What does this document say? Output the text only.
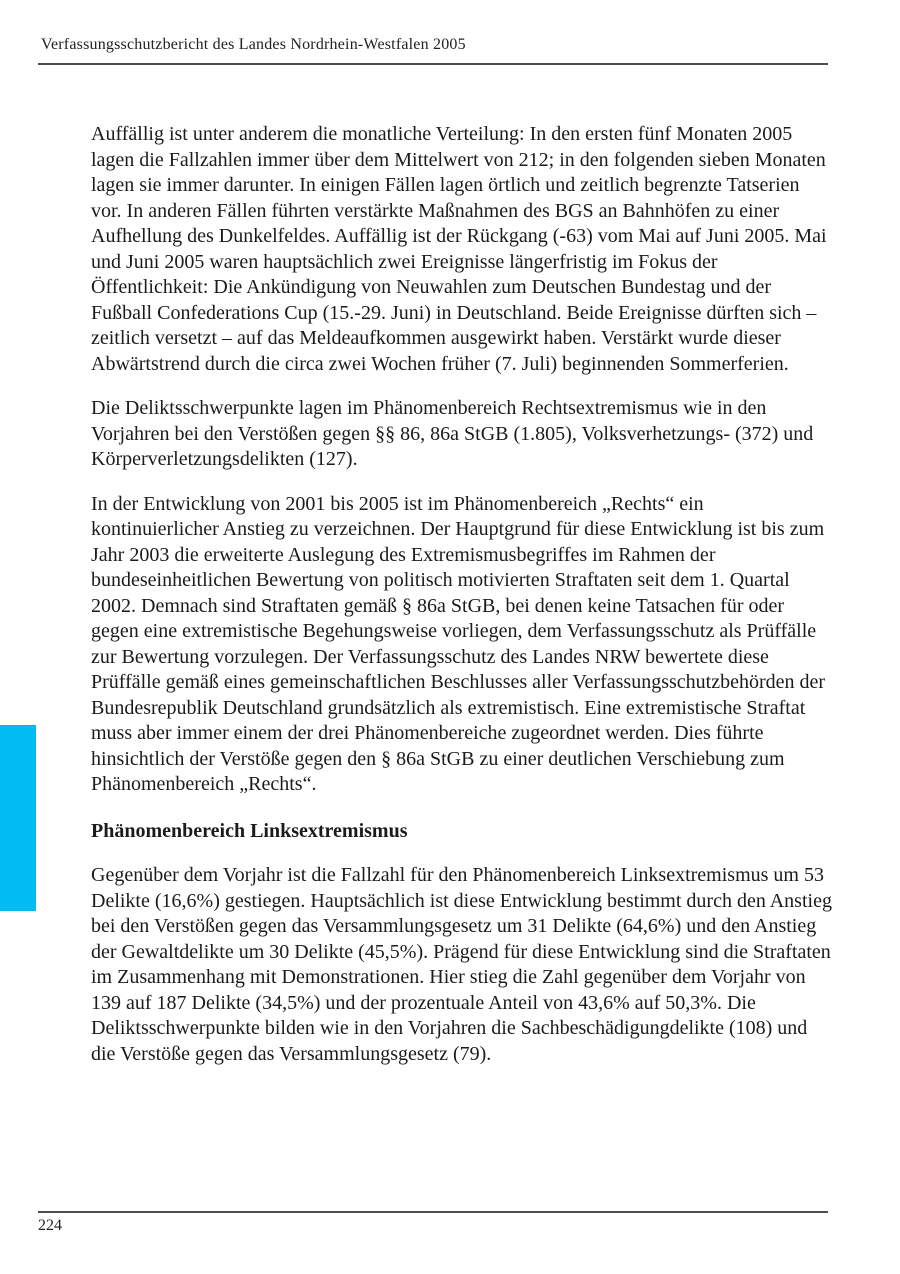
Verfassungsschutzbericht des Landes Nordrhein-Westfalen 2005

Auffällig ist unter anderem die monatliche Verteilung: In den ersten fünf Monaten 2005 lagen die Fallzahlen immer über dem Mittelwert von 212; in den folgenden sieben Monaten lagen sie immer darunter. In einigen Fällen lagen örtlich und zeitlich begrenzte Tatserien vor. In anderen Fällen führten verstärkte Maßnahmen des BGS an Bahnhöfen zu einer Aufhellung des Dunkelfeldes. Auffällig ist der Rückgang (-63) vom Mai auf Juni 2005. Mai und Juni 2005 waren hauptsächlich zwei Ereignisse längerfristig im Fokus der Öffentlichkeit: Die Ankündigung von Neuwahlen zum Deutschen Bundestag und der Fußball Confederations Cup (15.-29. Juni) in Deutschland. Beide Ereignisse dürften sich – zeitlich versetzt – auf das Meldeaufkommen ausgewirkt haben. Verstärkt wurde dieser Abwärtstrend durch die circa zwei Wochen früher (7. Juli) beginnenden Sommerferien.

Die Deliktsschwerpunkte lagen im Phänomenbereich Rechtsextremismus wie in den Vorjahren bei den Verstößen gegen §§ 86, 86a StGB (1.805), Volksverhetzungs- (372) und Körperverletzungsdelikten (127).

In der Entwicklung von 2001 bis 2005 ist im Phänomenbereich „Rechts“ ein kontinuierlicher Anstieg zu verzeichnen. Der Hauptgrund für diese Entwicklung ist bis zum Jahr 2003 die erweiterte Auslegung des Extremismusbegriffes im Rahmen der bundeseinheitlichen Bewertung von politisch motivierten Straftaten seit dem 1. Quartal 2002. Demnach sind Straftaten gemäß § 86a StGB, bei denen keine Tatsachen für oder gegen eine extremistische Begehungsweise vorliegen, dem Verfassungsschutz als Prüffälle zur Bewertung vorzulegen. Der Verfassungsschutz des Landes NRW bewertete diese Prüffälle gemäß eines gemeinschaftlichen Beschlusses aller Verfassungsschutzbehörden der Bundesrepublik Deutschland grundsätzlich als extremistisch. Eine extremistische Straftat muss aber immer einem der drei Phänomenbereiche zugeordnet werden. Dies führte hinsichtlich der Verstöße gegen den § 86a StGB zu einer deutlichen Verschiebung zum Phänomenbereich „Rechts“.

Phänomenbereich Linksextremismus

Gegenüber dem Vorjahr ist die Fallzahl für den Phänomenbereich Linksextremismus um 53 Delikte (16,6%) gestiegen. Hauptsächlich ist diese Entwicklung bestimmt durch den Anstieg bei den Verstößen gegen das Versammlungsgesetz um 31 Delikte (64,6%) und den Anstieg der Gewaltdelikte um 30 Delikte (45,5%). Prägend für diese Entwicklung sind die Straftaten im Zusammenhang mit Demonstrationen. Hier stieg die Zahl gegenüber dem Vorjahr von 139 auf 187 Delikte (34,5%) und der prozentuale Anteil von 43,6% auf 50,3%. Die Deliktsschwerpunkte bilden wie in den Vorjahren die Sachbeschädigungdelikte (108) und die Verstöße gegen das Versammlungsgesetz (79).

224
